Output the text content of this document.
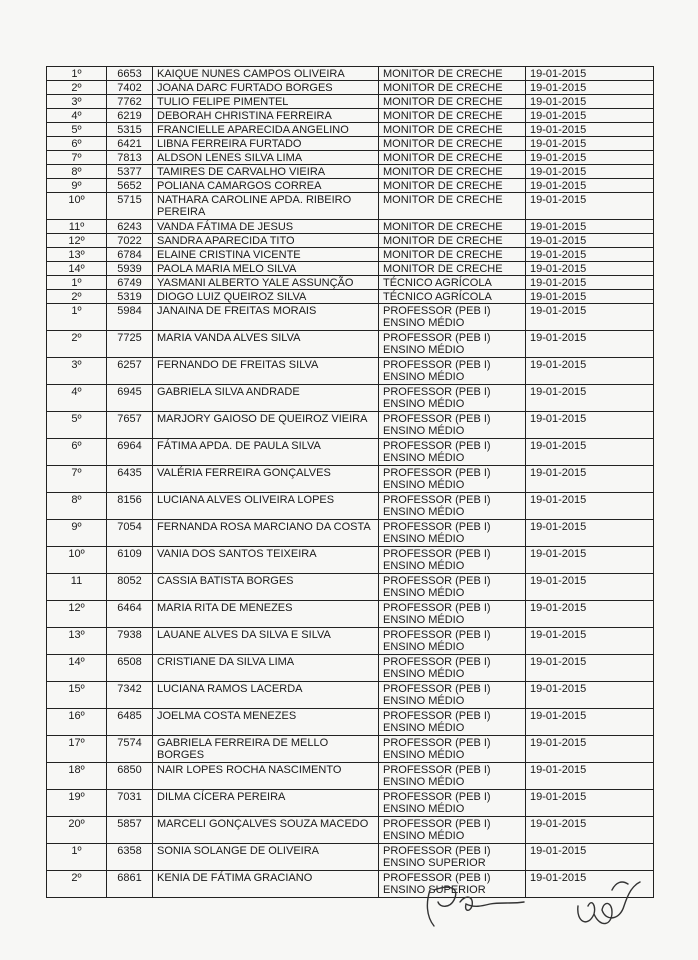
1º	6653	KAIQUE NUNES CAMPOS OLIVEIRA	MONITOR DE CRECHE	19-01-2015
2º	7402	JOANA DARC FURTADO BORGES	MONITOR DE CRECHE	19-01-2015
3º	7762	TULIO FELIPE PIMENTEL	MONITOR DE CRECHE	19-01-2015
4º	6219	DEBORAH CHRISTINA FERREIRA	MONITOR DE CRECHE	19-01-2015
5º	5315	FRANCIELLE APARECIDA ANGELINO	MONITOR DE CRECHE	19-01-2015
6º	6421	LIBNA FERREIRA FURTADO	MONITOR DE CRECHE	19-01-2015
7º	7813	ALDSON LENES SILVA LIMA	MONITOR DE CRECHE	19-01-2015
8º	5377	TAMIRES DE CARVALHO VIEIRA	MONITOR DE CRECHE	19-01-2015
9º	5652	POLIANA CAMARGOS CORREA	MONITOR DE CRECHE	19-01-2015
10º	5715	NATHARA CAROLINE APDA. RIBEIRO PEREIRA	MONITOR DE CRECHE	19-01-2015
11º	6243	VANDA FÁTIMA DE JESUS	MONITOR DE CRECHE	19-01-2015
12º	7022	SANDRA APARECIDA TITO	MONITOR DE CRECHE	19-01-2015
13º	6784	ELAINE CRISTINA VICENTE	MONITOR DE CRECHE	19-01-2015
14º	5939	PAOLA MARIA MELO SILVA	MONITOR DE CRECHE	19-01-2015
1º	6749	YASMANI ALBERTO YALE ASSUNÇÃO	TÉCNICO AGRÍCOLA	19-01-2015
2º	5319	DIOGO LUIZ QUEIROZ SILVA	TÉCNICO AGRÍCOLA	19-01-2015
1º	5984	JANAINA DE FREITAS MORAIS	PROFESSOR (PEB I) ENSINO MÉDIO	19-01-2015
2º	7725	MARIA VANDA ALVES SILVA	PROFESSOR (PEB I) ENSINO MÉDIO	19-01-2015
3º	6257	FERNANDO DE FREITAS SILVA	PROFESSOR (PEB I) ENSINO MÉDIO	19-01-2015
4º	6945	GABRIELA SILVA ANDRADE	PROFESSOR (PEB I) ENSINO MÉDIO	19-01-2015
5º	7657	MARJORY GAIOSO DE QUEIROZ VIEIRA	PROFESSOR (PEB I) ENSINO MÉDIO	19-01-2015
6º	6964	FÁTIMA APDA. DE PAULA SILVA	PROFESSOR (PEB I) ENSINO MÉDIO	19-01-2015
7º	6435	VALÉRIA FERREIRA GONÇALVES	PROFESSOR (PEB I) ENSINO MÉDIO	19-01-2015
8º	8156	LUCIANA ALVES OLIVEIRA LOPES	PROFESSOR (PEB I) ENSINO MÉDIO	19-01-2015
9º	7054	FERNANDA ROSA MARCIANO DA COSTA	PROFESSOR (PEB I) ENSINO MÉDIO	19-01-2015
10º	6109	VANIA DOS SANTOS TEIXEIRA	PROFESSOR (PEB I) ENSINO MÉDIO	19-01-2015
11	8052	CASSIA BATISTA BORGES	PROFESSOR (PEB I) ENSINO MÉDIO	19-01-2015
12º	6464	MARIA RITA DE MENEZES	PROFESSOR (PEB I) ENSINO MÉDIO	19-01-2015
13º	7938	LAUANE ALVES DA SILVA E SILVA	PROFESSOR (PEB I) ENSINO MÉDIO	19-01-2015
14º	6508	CRISTIANE DA SILVA LIMA	PROFESSOR (PEB I) ENSINO MÉDIO	19-01-2015
15º	7342	LUCIANA RAMOS LACERDA	PROFESSOR (PEB I) ENSINO MÉDIO	19-01-2015
16º	6485	JOELMA COSTA MENEZES	PROFESSOR (PEB I) ENSINO MÉDIO	19-01-2015
17º	7574	GABRIELA FERREIRA DE MELLO BORGES	PROFESSOR (PEB I) ENSINO MÉDIO	19-01-2015
18º	6850	NAIR LOPES ROCHA NASCIMENTO	PROFESSOR (PEB I) ENSINO MÉDIO	19-01-2015
19º	7031	DILMA CÍCERA PEREIRA	PROFESSOR (PEB I) ENSINO MÉDIO	19-01-2015
20º	5857	MARCELI GONÇALVES SOUZA MACEDO	PROFESSOR (PEB I) ENSINO MÉDIO	19-01-2015
1º	6358	SONIA SOLANGE DE OLIVEIRA	PROFESSOR (PEB I) ENSINO SUPERIOR	19-01-2015
2º	6861	KENIA DE FÁTIMA GRACIANO	PROFESSOR (PEB I) ENSINO SUPERIOR	19-01-2015
